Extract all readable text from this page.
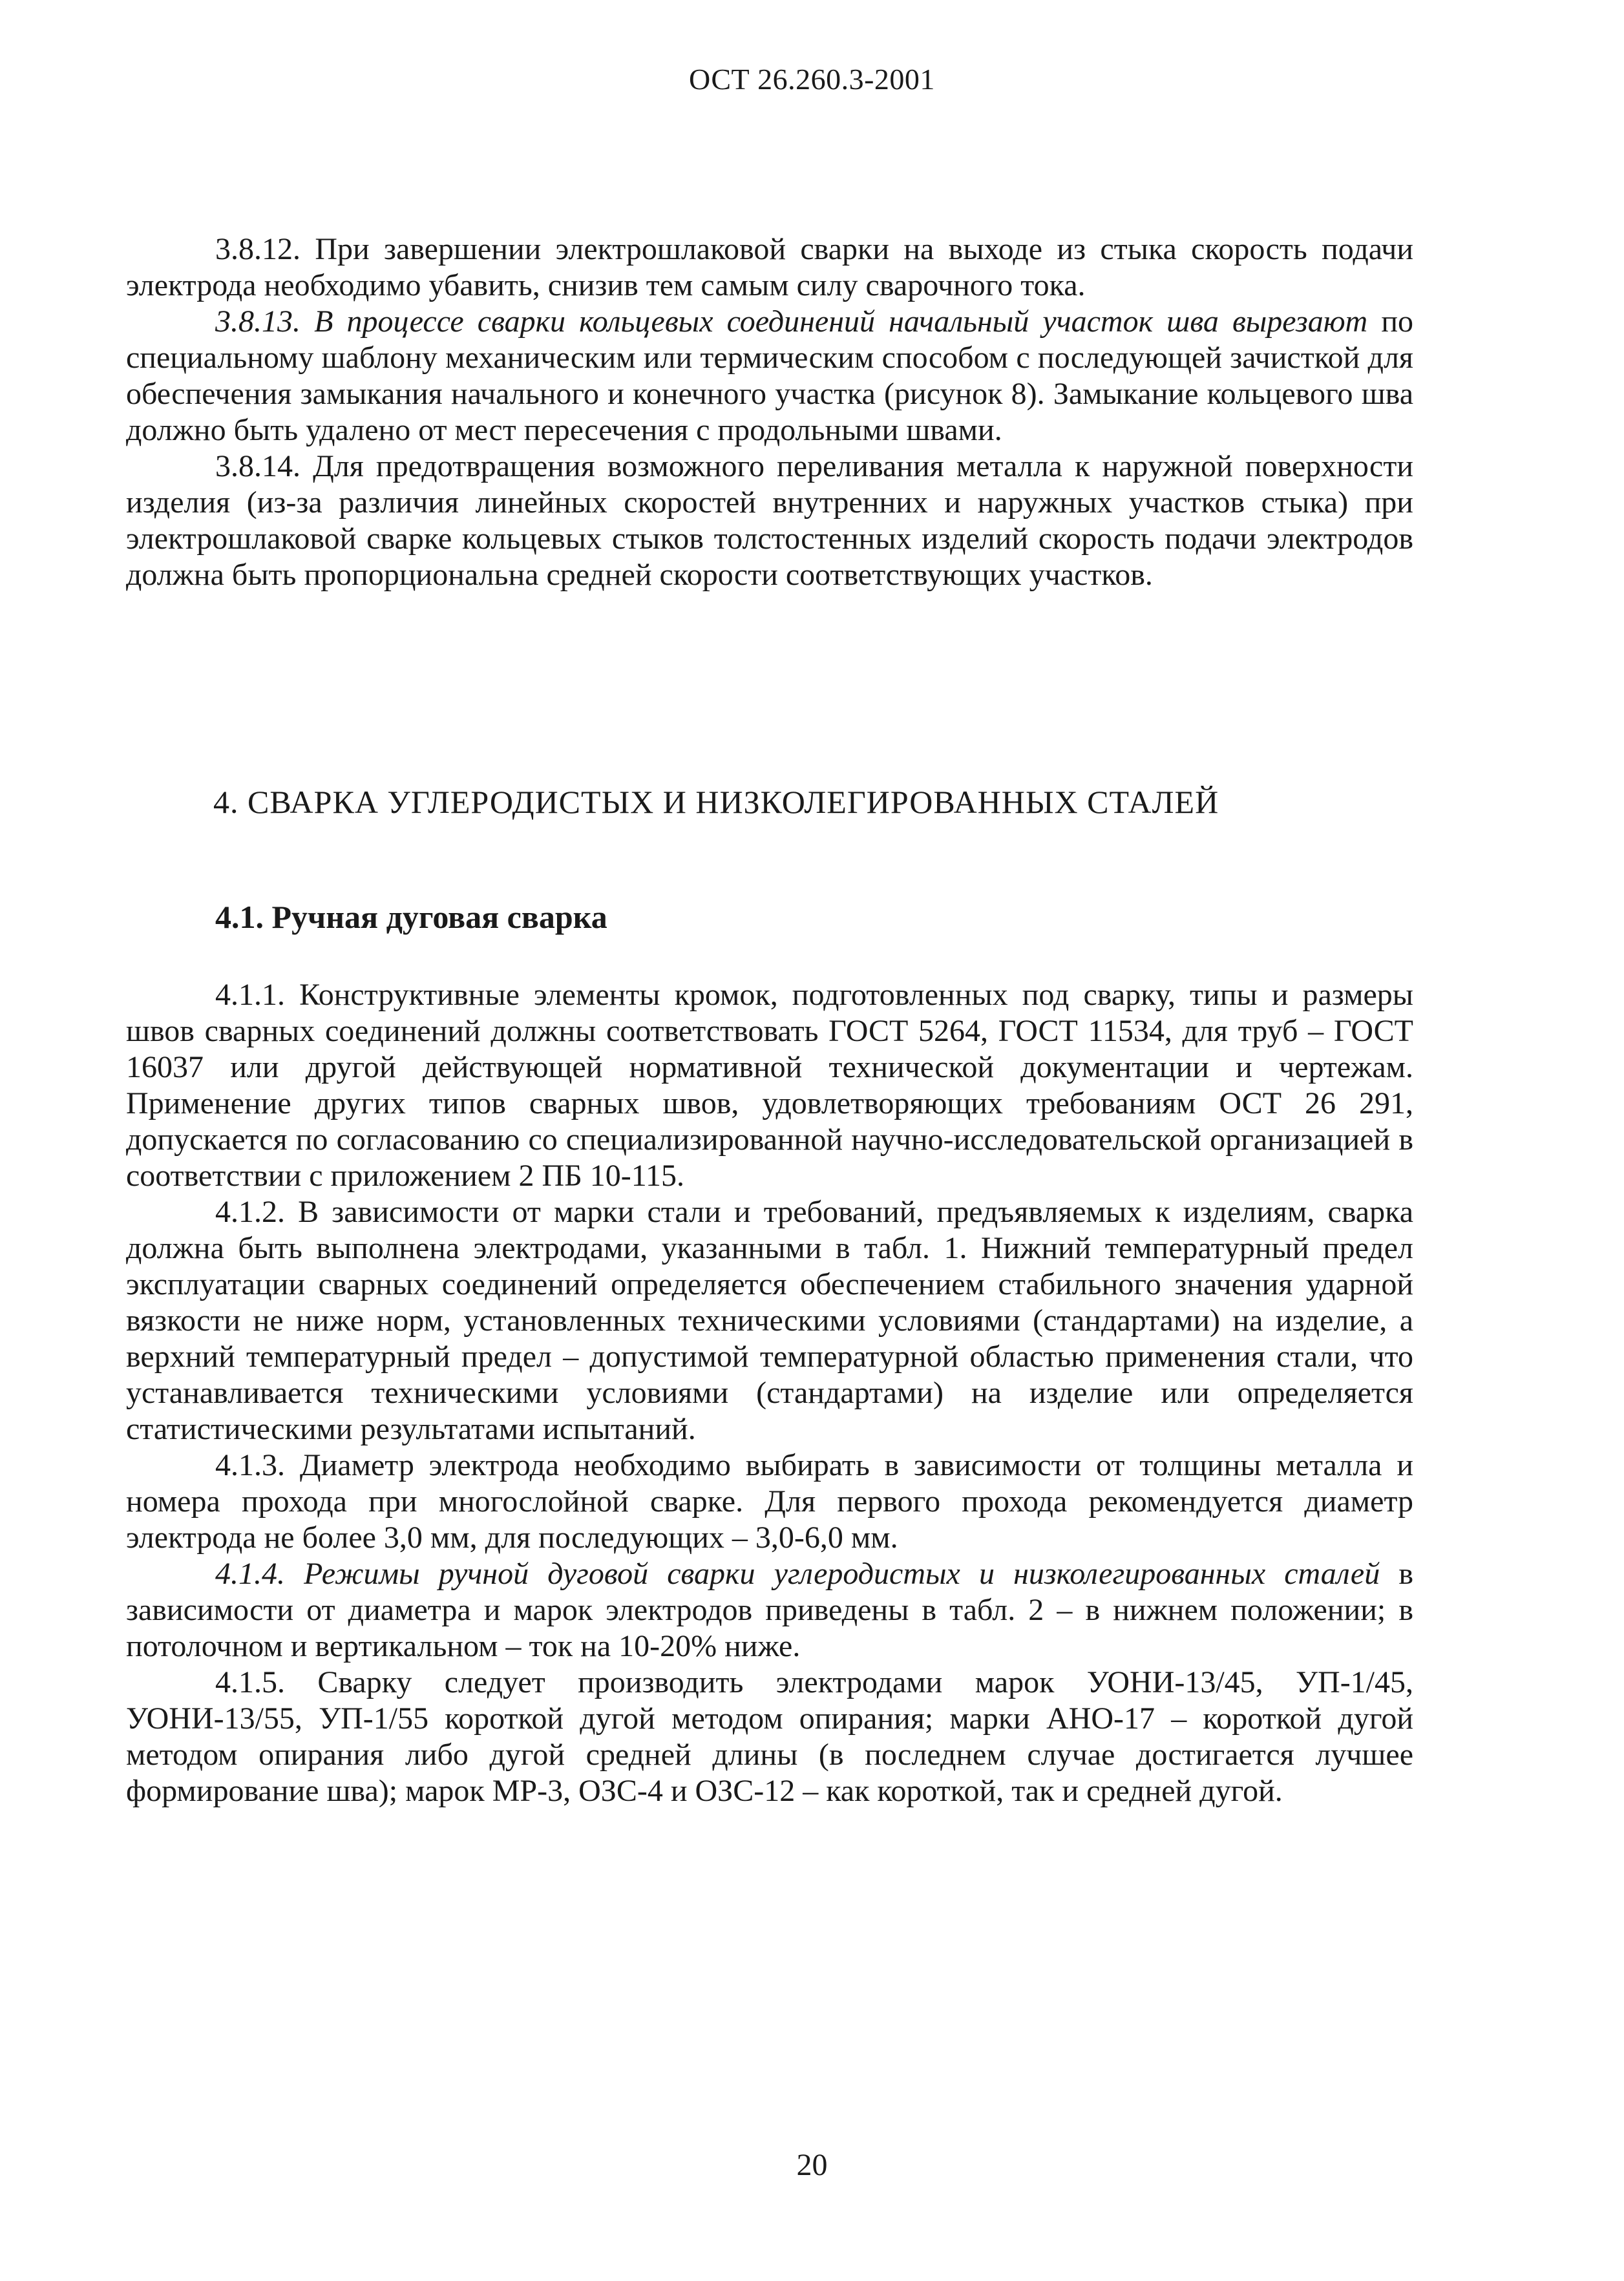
ОСТ 26.260.3-2001

3.8.12. При завершении электрошлаковой сварки на выходе из стыка скорость подачи электрода необходимо убавить, снизив тем самым силу сварочного тока.

3.8.13. В процессе сварки кольцевых соединений начальный участок шва вырезают по специальному шаблону механическим или термическим способом с последующей зачисткой для обеспечения замыкания начального и конечного участка (рисунок 8). Замыкание кольцевого шва должно быть удалено от мест пересечения с продольными швами.

3.8.14. Для предотвращения возможного переливания металла к наружной поверхности изделия (из-за различия линейных скоростей внутренних и наружных участков стыка) при электрошлаковой сварке кольцевых стыков толстостенных изделий скорость подачи электродов должна быть пропорциональна средней скорости соответствующих участков.

4. СВАРКА УГЛЕРОДИСТЫХ И НИЗКОЛЕГИРОВАННЫХ СТАЛЕЙ
4.1. Ручная дуговая сварка

4.1.1. Конструктивные элементы кромок, подготовленных под сварку, типы и размеры швов сварных соединений должны соответствовать ГОСТ 5264, ГОСТ 11534, для труб – ГОСТ 16037 или другой действующей нормативной технической документации и чертежам. Применение других типов сварных швов, удовлетворяющих требованиям ОСТ 26 291, допускается по согласованию со специализированной научно-исследовательской организацией в соответствии с приложением 2 ПБ 10-115.

4.1.2. В зависимости от марки стали и требований, предъявляемых к изделиям, сварка должна быть выполнена электродами, указанными в табл. 1. Нижний температурный предел эксплуатации сварных соединений определяется обеспечением стабильного значения ударной вязкости не ниже норм, установленных техническими условиями (стандартами) на изделие, а верхний температурный предел – допустимой температурной областью применения стали, что устанавливается техническими условиями (стандартами) на изделие или определяется статистическими результатами испытаний.

4.1.3. Диаметр электрода необходимо выбирать в зависимости от толщины металла и номера прохода при многослойной сварке. Для первого прохода рекомендуется диаметр электрода не более 3,0 мм, для последующих – 3,0-6,0 мм.

4.1.4. Режимы ручной дуговой сварки углеродистых и низколегированных сталей в зависимости от диаметра и марок электродов приведены в табл. 2 – в нижнем положении; в потолочном и вертикальном – ток на 10-20% ниже.

4.1.5. Сварку следует производить электродами марок УОНИ-13/45, УП-1/45, УОНИ-13/55, УП-1/55 короткой дугой методом опирания; марки АНО-17 – короткой дугой методом опирания либо дугой средней длины (в последнем случае достигается лучшее формирование шва); марок МР-3, ОЗС-4 и ОЗС-12 – как короткой, так и средней дугой.

20
